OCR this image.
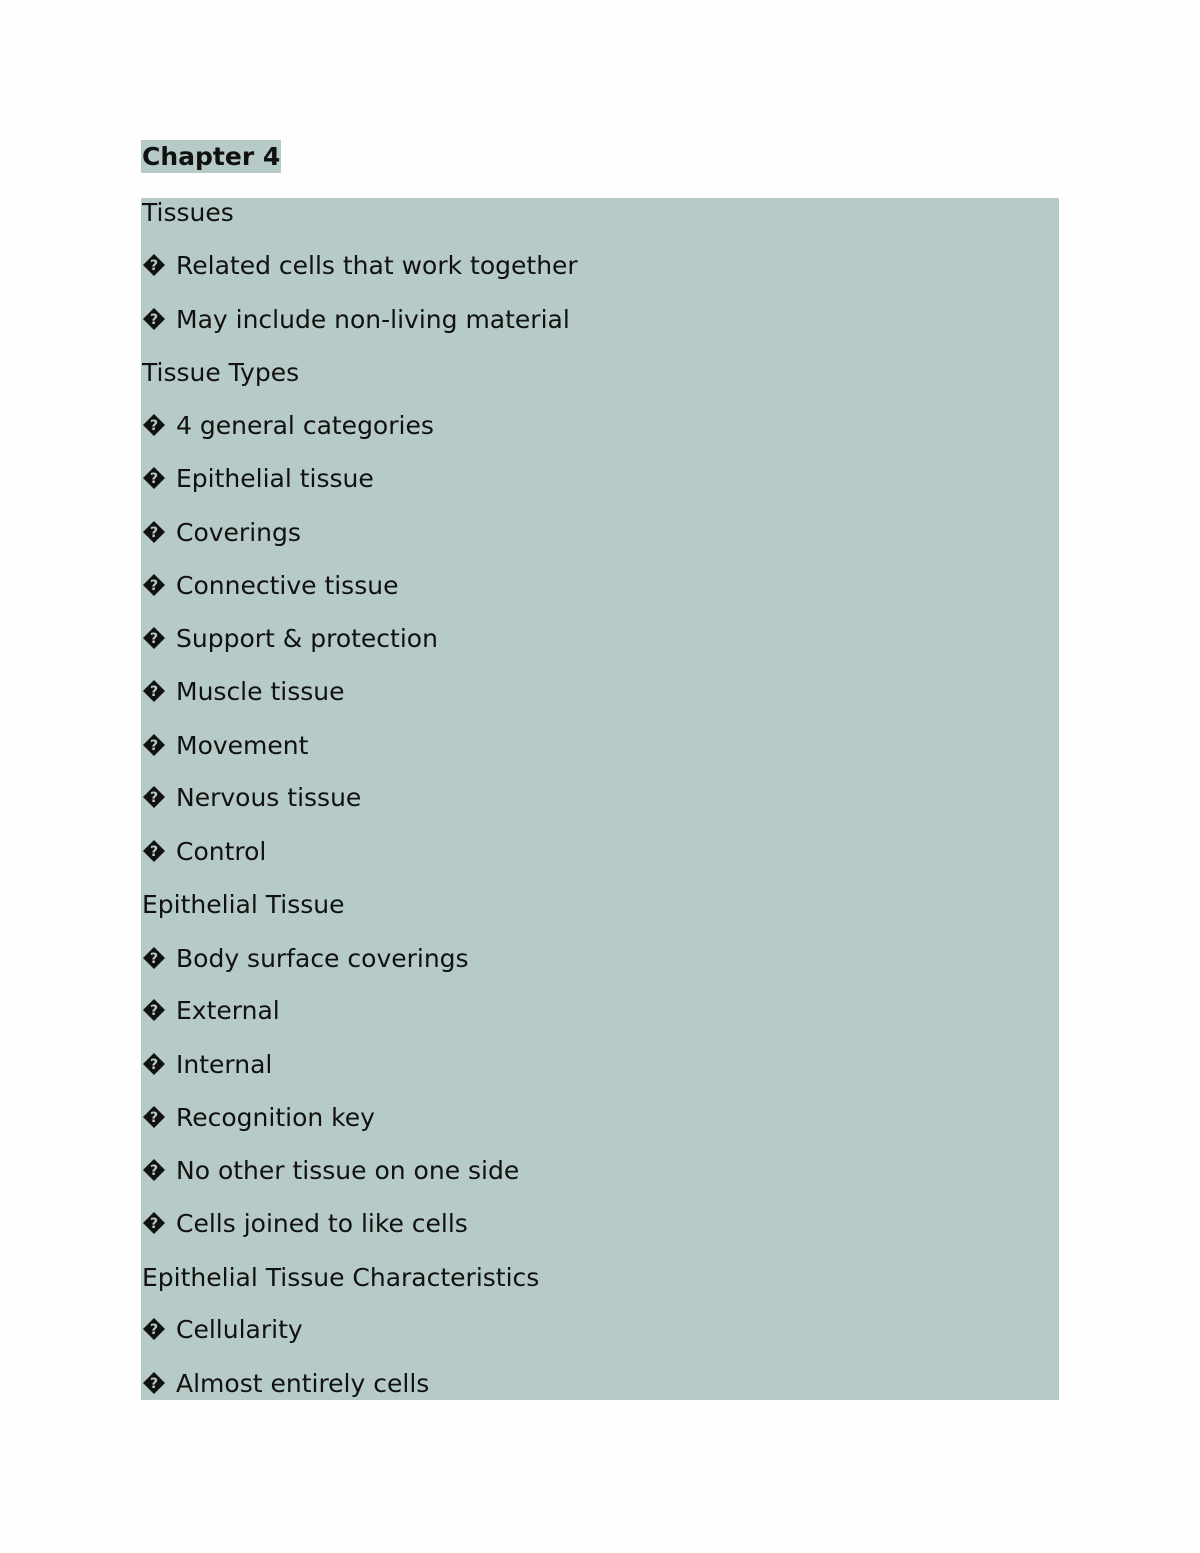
Chapter 4
Tissues
? Related cells that work together
? May include non-living material
Tissue Types
? 4 general categories
? Epithelial tissue
? Coverings
? Connective tissue
? Support & protection
? Muscle tissue
? Movement
? Nervous tissue
? Control
Epithelial Tissue
? Body surface coverings
? External
? Internal
? Recognition key
? No other tissue on one side
? Cells joined to like cells
Epithelial Tissue Characteristics
? Cellularity
? Almost entirely cells
